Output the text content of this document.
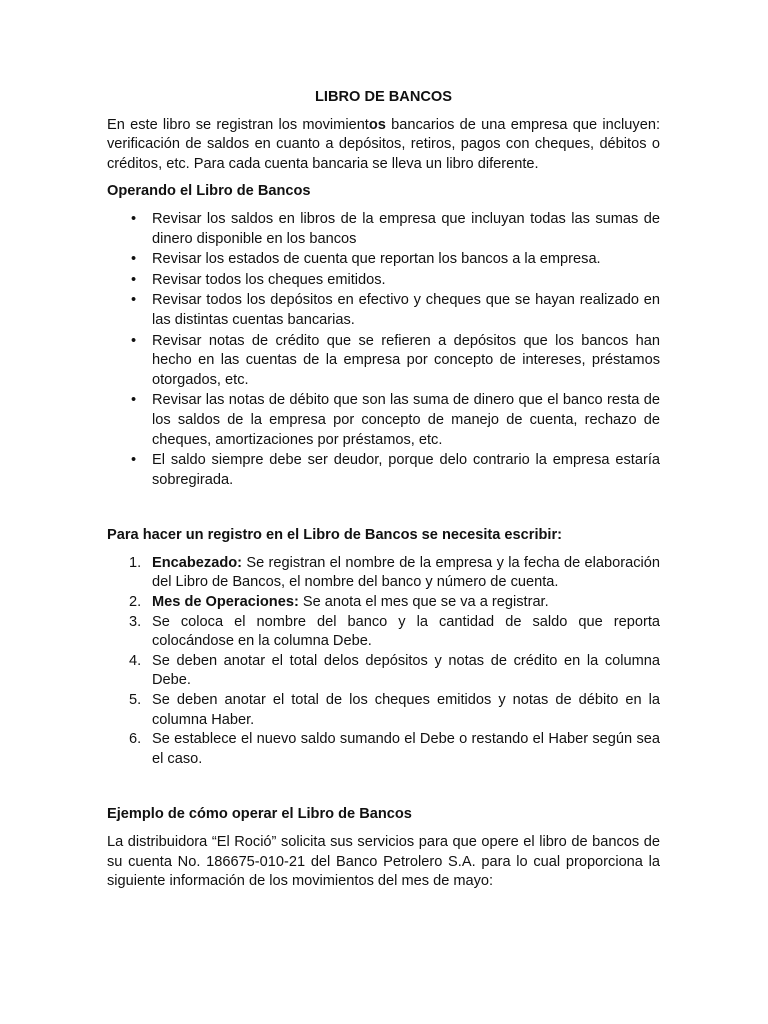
LIBRO DE BANCOS

En este libro se registran los movimientos bancarios de una empresa que incluyen: verificación de saldos en cuanto a depósitos, retiros, pagos con cheques, débitos o créditos, etc. Para cada cuenta bancaria se lleva un libro diferente.

Operando el Libro de Bancos
• Revisar los saldos en libros de la empresa que incluyan todas las sumas de dinero disponible en los bancos
• Revisar los estados de cuenta que reportan los bancos a la empresa.
• Revisar todos los cheques emitidos.
• Revisar todos los depósitos en efectivo y cheques que se hayan realizado en las distintas cuentas bancarias.
• Revisar notas de crédito que se refieren a depósitos que los bancos han hecho en las cuentas de la empresa por concepto de intereses, préstamos otorgados, etc.
• Revisar las notas de débito que son las suma de dinero que el banco resta de los saldos de la empresa por concepto de manejo de cuenta, rechazo de cheques, amortizaciones por préstamos, etc.
• El saldo siempre debe ser deudor, porque delo contrario la empresa estaría sobregirada.
Para hacer un registro en el Libro de Bancos se necesita escribir:
1. Encabezado: Se registran el nombre de la empresa y la fecha de elaboración del Libro de Bancos, el nombre del banco y número de cuenta.
2. Mes de Operaciones: Se anota el mes que se va a registrar.
3. Se coloca el nombre del banco y la cantidad de saldo que reporta colocándose en la columna Debe.
4. Se deben anotar el total delos depósitos y notas de crédito en la columna Debe.
5. Se deben anotar el total de los cheques emitidos y notas de débito en la columna Haber.
6. Se establece el nuevo saldo sumando el Debe o restando el Haber según sea el caso.
Ejemplo de cómo operar el Libro de Bancos

La distribuidora “El Roció” solicita sus servicios para que opere el libro de bancos de su cuenta No. 186675-010-21 del Banco Petrolero S.A. para lo cual proporciona la siguiente información de los movimientos del mes de mayo:
